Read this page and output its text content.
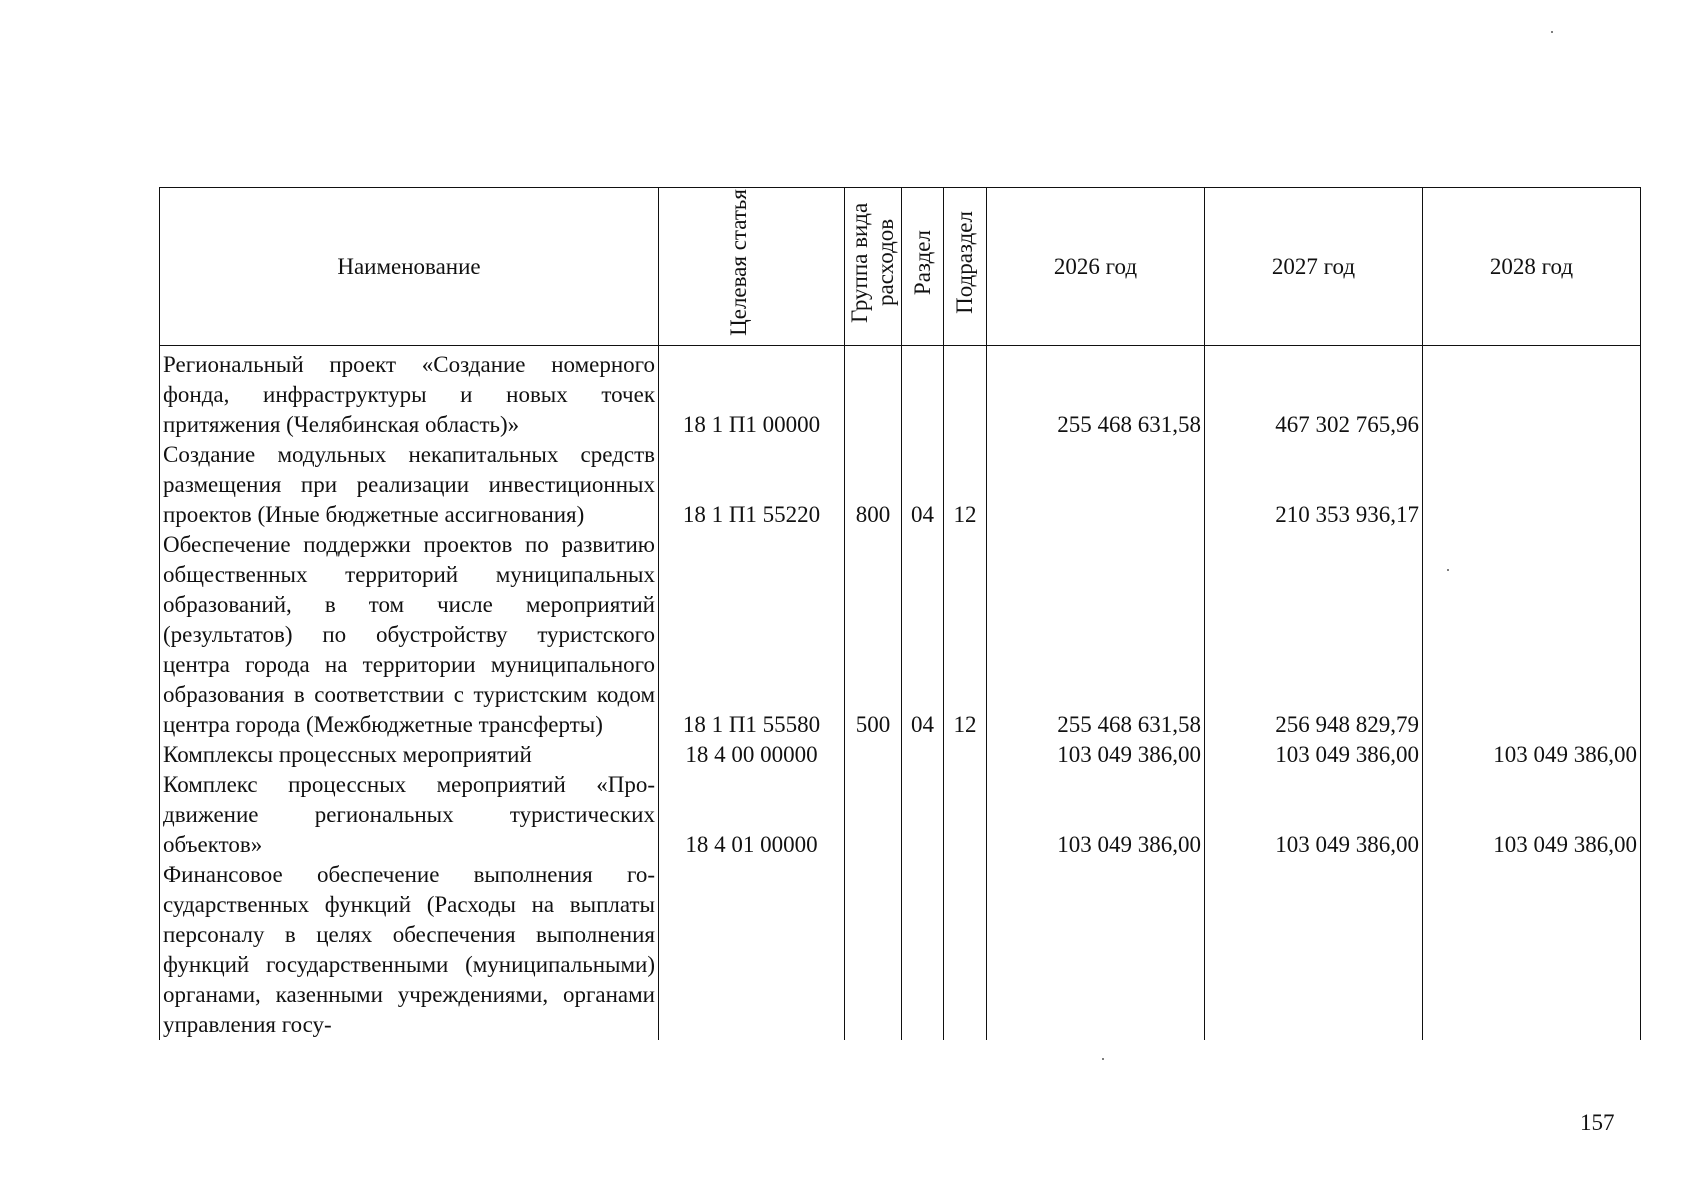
Наименование	Целевая статья	Группа вида расходов	Раздел	Подраздел	2026 год	2027 год	2028 год
Региональный проект «Создание номерного фонда, инфраструктуры и новых точек притяжения (Челябинская область)»	18 1 П1 00000				255 468 631,58	467 302 765,96	
Создание модульных некапитальных средств размещения при реализации инвестиционных проектов (Иные бюджетные ассигнования)	18 1 П1 55220	800	04	12		210 353 936,17	
Обеспечение поддержки проектов по развитию общественных территорий муниципальных образований, в том числе мероприятий (результатов) по обустройству туристского центра города на территории муниципального образования в соответствии с туристским кодом центра города (Межбюджетные трансферты)	18 1 П1 55580	500	04	12	255 468 631,58	256 948 829,79	
Комплексы процессных мероприятий	18 4 00 00000				103 049 386,00	103 049 386,00	103 049 386,00
Комплекс процессных мероприятий «Продвижение региональных туристических объектов»	18 4 01 00000				103 049 386,00	103 049 386,00	103 049 386,00
Финансовое обеспечение выполнения государственных функций (Расходы на выплаты персоналу в целях обеспечения выполнения функций государственными (муниципальными) органами, казенными учреждениями, органами управления госу-							
157
